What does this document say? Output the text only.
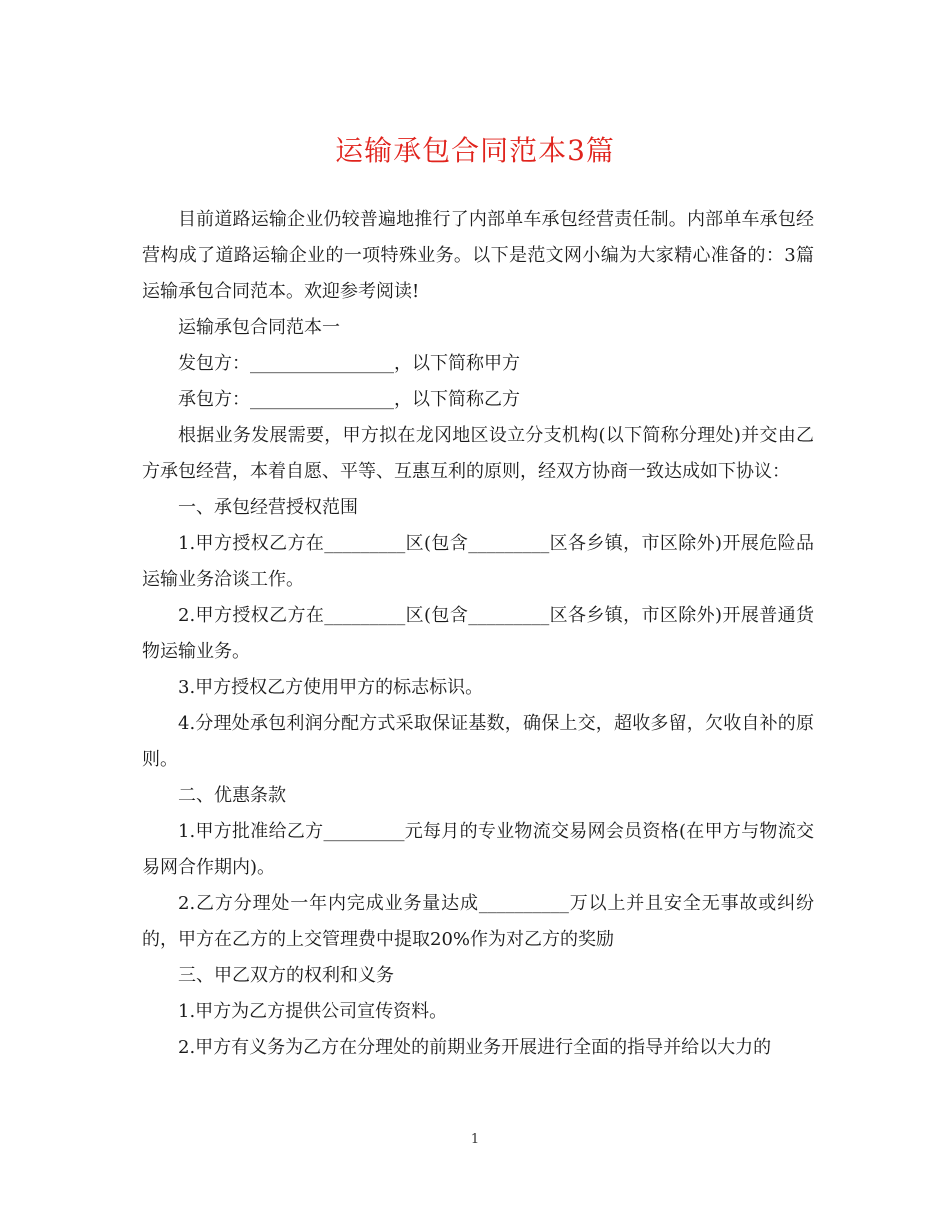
运输承包合同范本3篇

目前道路运输企业仍较普遍地推行了内部单车承包经营责任制。内部单车承包经营构成了道路运输企业的一项特殊业务。以下是范文网小编为大家精心准备的：3篇运输承包合同范本。欢迎参考阅读!

运输承包合同范本一

发包方：________________，以下简称甲方

承包方：________________，以下简称乙方

根据业务发展需要，甲方拟在龙冈地区设立分支机构(以下简称分理处)并交由乙方承包经营，本着自愿、平等、互惠互利的原则，经双方协商一致达成如下协议：

一、承包经营授权范围

1.甲方授权乙方在_________区(包含_________区各乡镇，市区除外)开展危险品运输业务洽谈工作。

2.甲方授权乙方在_________区(包含_________区各乡镇，市区除外)开展普通货物运输业务。

3.甲方授权乙方使用甲方的标志标识。

4.分理处承包利润分配方式采取保证基数，确保上交，超收多留，欠收自补的原则。

二、优惠条款

1.甲方批准给乙方_________元每月的专业物流交易网会员资格(在甲方与物流交易网合作期内)。

2.乙方分理处一年内完成业务量达成__________万以上并且安全无事故或纠纷的，甲方在乙方的上交管理费中提取20%作为对乙方的奖励

三、甲乙双方的权利和义务

1.甲方为乙方提供公司宣传资料。

2.甲方有义务为乙方在分理处的前期业务开展进行全面的指导并给以大力的

1
